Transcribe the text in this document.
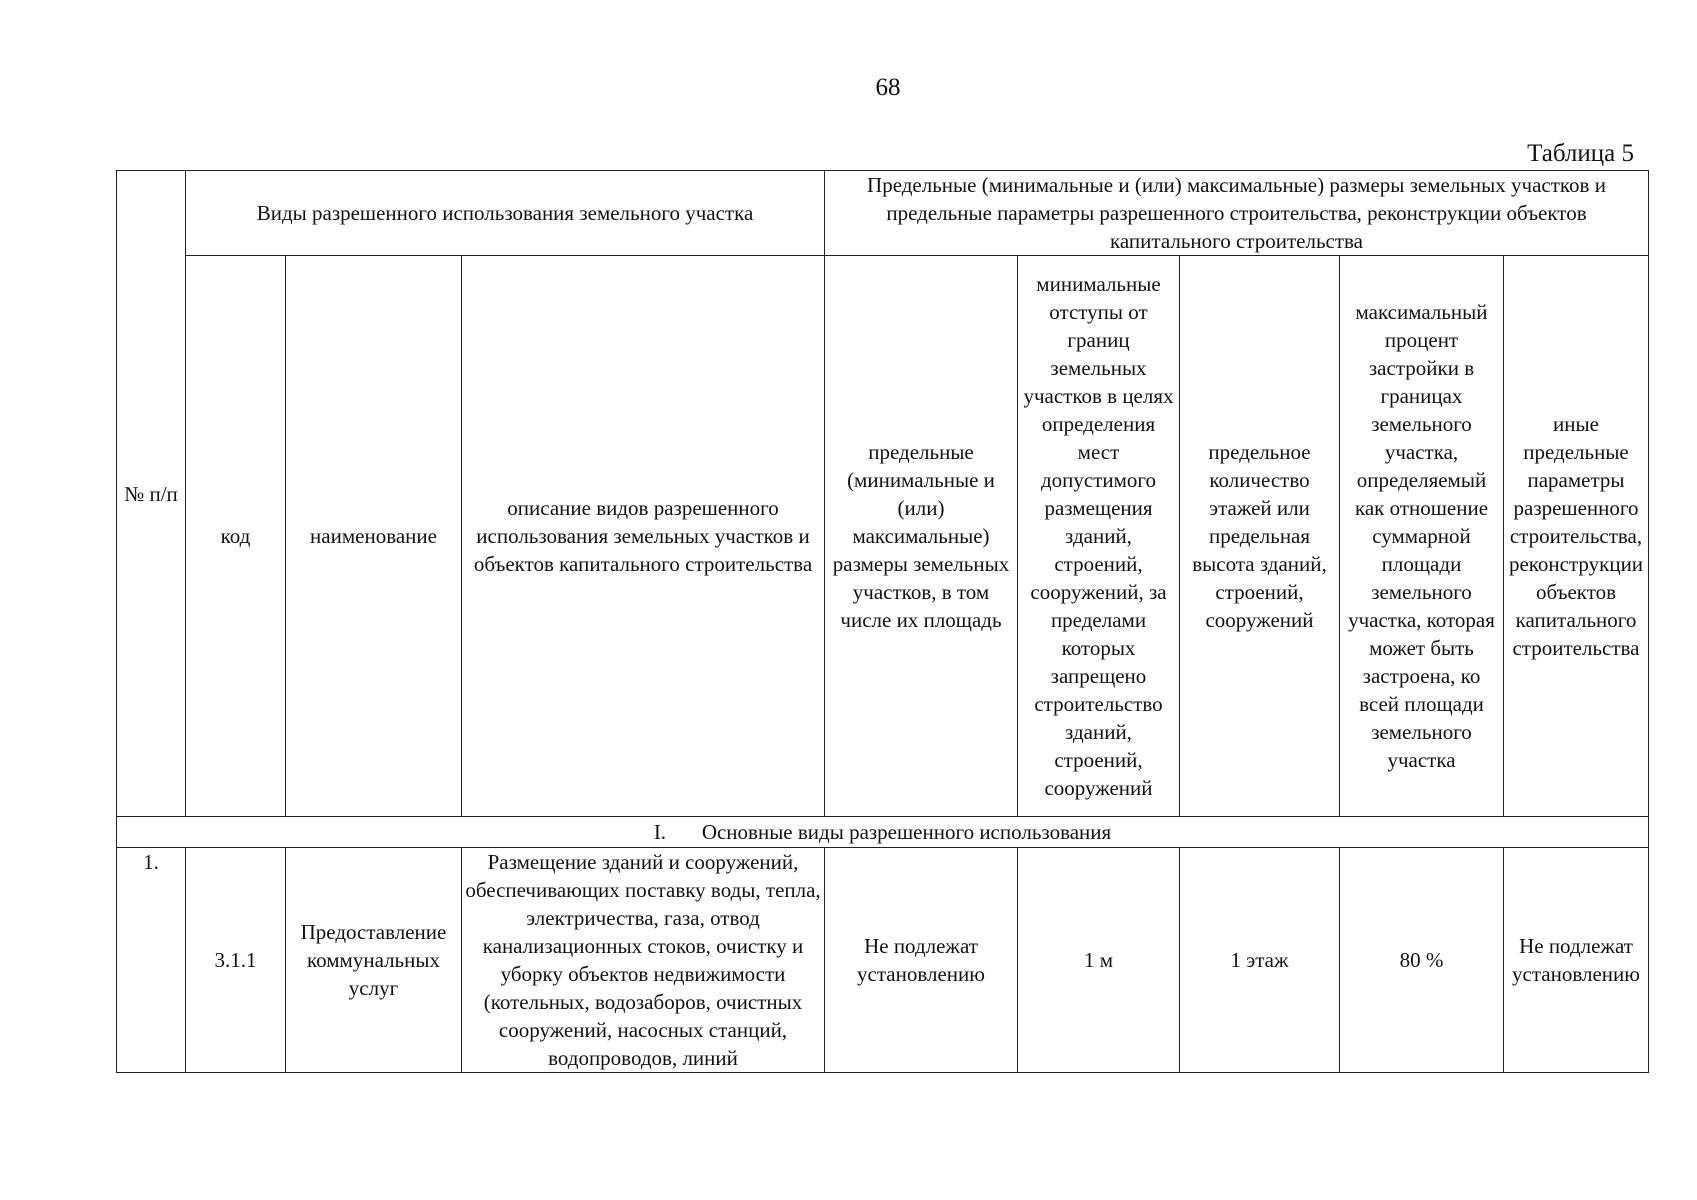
68
Таблица 5
№ п/п	Виды разрешенного использования земельного участка			Предельные (минимальные и (или) максимальные) размеры земельных участков и предельные параметры разрешенного строительства, реконструкции объектов капитального строительства				
	код	наименование	описание видов разрешенного использования земельных участков и объектов капитального строительства	предельные (минимальные и (или) максимальные) размеры земельных участков, в том числе их площадь	минимальные отступы от границ земельных участков в целях определения мест допустимого размещения зданий, строений, сооружений, за пределами которых запрещено строительство зданий, строений, сооружений	предельное количество этажей или предельная высота зданий, строений, сооружений	максимальный процент застройки в границах земельного участка, определяемый как отношение суммарной площади земельного участка, которая может быть застроена, ко всей площади земельного участка	иные предельные параметры разрешенного строительства, реконструкции объектов капитального строительства
I. Основные виды разрешенного использования								
1.	3.1.1	Предоставление коммунальных услуг	Размещение зданий и сооружений, обеспечивающих поставку воды, тепла, электричества, газа, отвод канализационных стоков, очистку и уборку объектов недвижимости (котельных, водозаборов, очистных сооружений, насосных станций, водопроводов, линий	Не подлежат установлению	1 м	1 этаж	80 %	Не подлежат установлению
